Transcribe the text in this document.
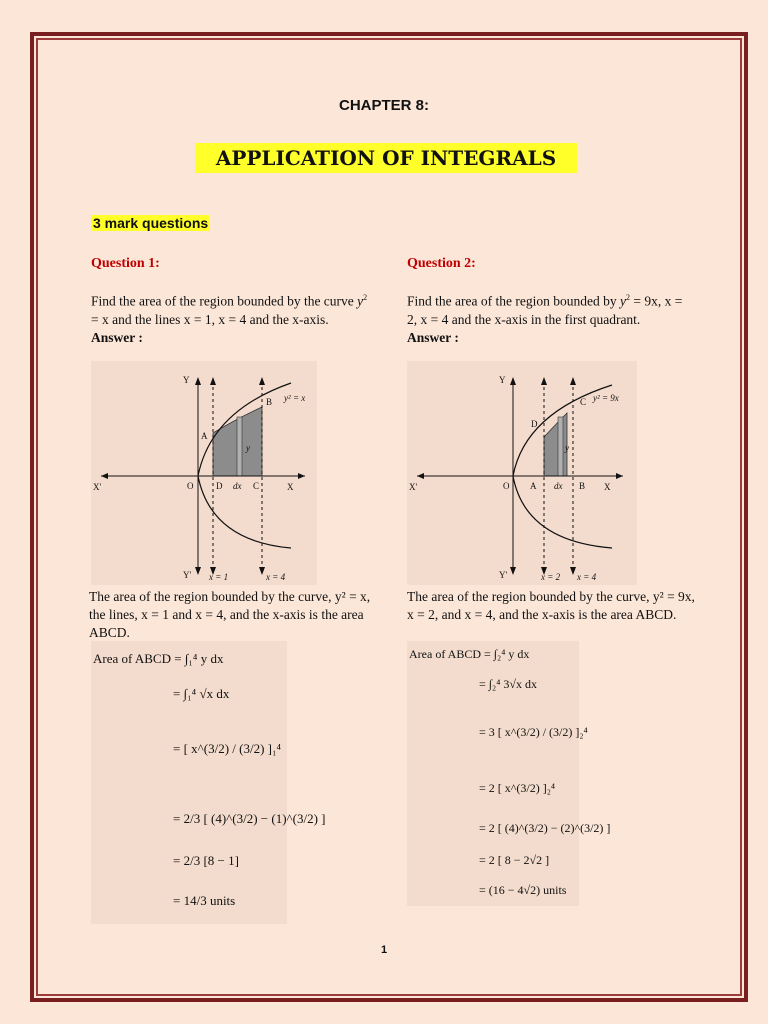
CHAPTER 8:
APPLICATION OF INTEGRALS
3 mark questions
Question 1:
Find the area of the region bounded by the curve $y^2 = x$ and the lines x = 1, x = 4 and the x-axis.
Answer :
Y
Y'
X'	X
O
A
B
C
D dx
y
y² = x
x = 1	x = 4
The area of the region bounded by the curve, y² = x, the lines, x = 1 and x = 4, and the x-axis is the area ABCD.
Area of ABCD = ∫₁⁴ y dx
= ∫₁⁴ √x dx
= [ x^(3/2) / (3/2) ]₁⁴
= 2/3 [ (4)^(3/2) − (1)^(3/2) ]
= 2/3 [8 − 1]
= 14/3 units
Question 2:
Find the area of the region bounded by $y^2 = 9x$, x = 2, x = 4 and the x-axis in the first quadrant.
Answer :
Y
Y'
X'	X
O A	B
C
D
dx
y
y² = 9x
x = 2 x = 4
The area of the region bounded by the curve, y² = 9x, x = 2, and x = 4, and the x-axis is the area ABCD.
Area of ABCD = ∫₂⁴ y dx
= ∫₂⁴ 3√x dx
= 3 [ x^(3/2) / (3/2) ]₂⁴
= 2 [ x^(3/2) ]₂⁴
= 2 [ (4)^(3/2) − (2)^(3/2) ]
= 2 [ 8 − 2√2 ]
= (16 − 4√2) units
1
